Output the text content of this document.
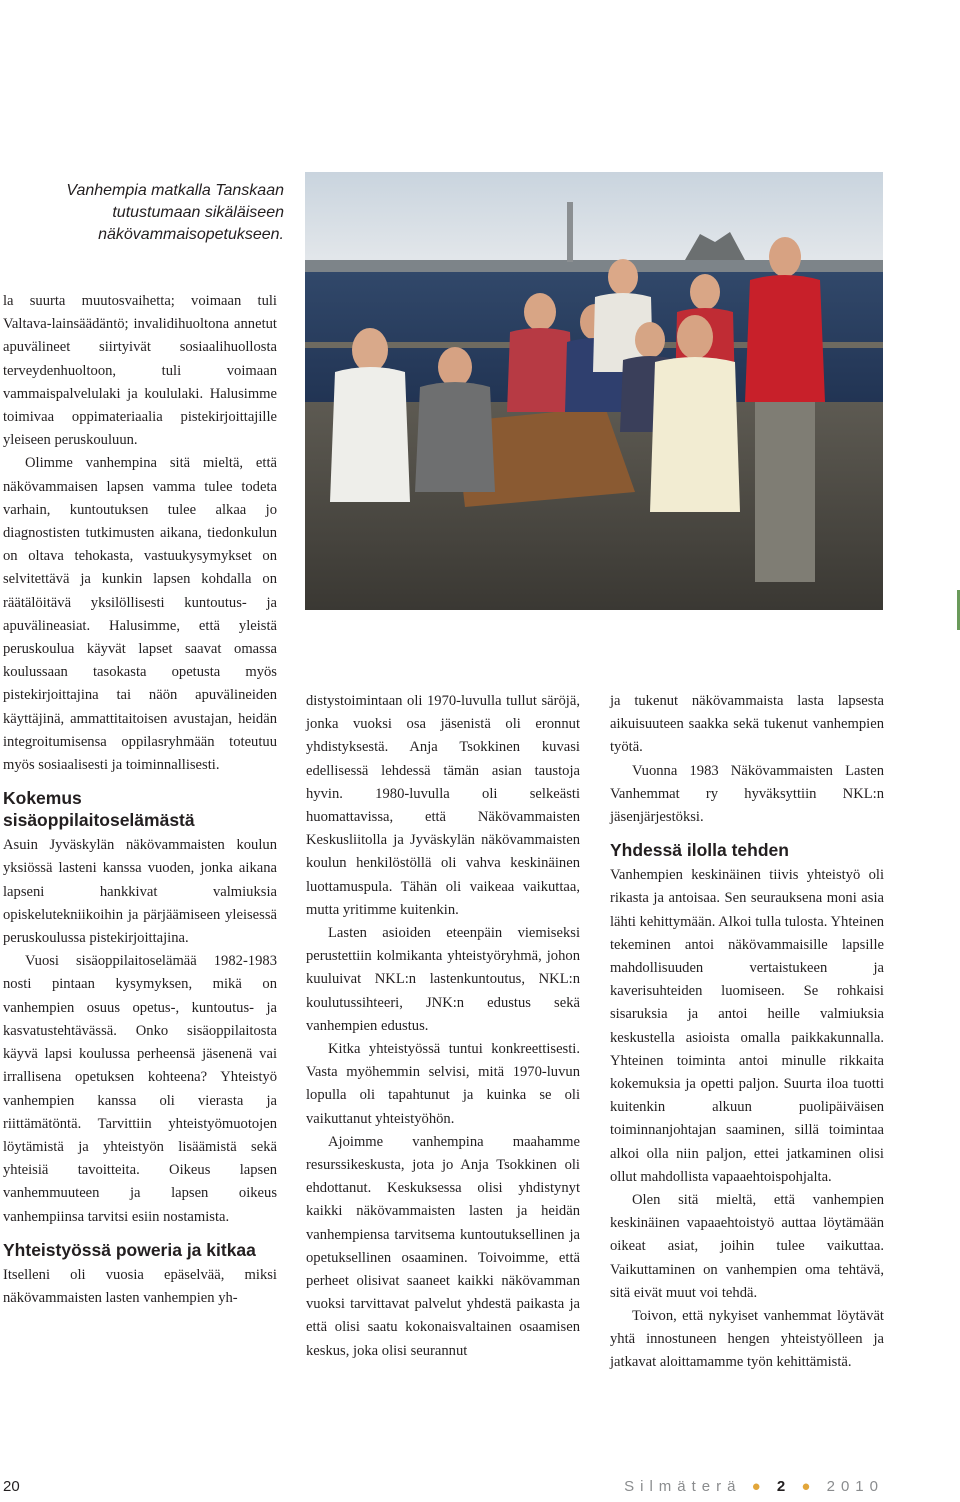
Vanhempia matkalla Tanskaan tutustumaan sikäläiseen näkövammaisopetukseen.

la suurta muutosvaihetta; voimaan tuli Valtava-lainsäädäntö; invalidihuoltona annetut apuvälineet siirtyivät sosiaalihuollosta terveydenhuoltoon, tuli voimaan vammaispalvelulaki ja koululaki. Halusimme toimivaa oppimateriaalia pistekirjoittajille yleiseen peruskouluun.

Olimme vanhempina sitä mieltä, että näkövammaisen lapsen vamma tulee todeta varhain, kuntoutuksen tulee alkaa jo diagnostisten tutkimusten aikana, tiedonkulun on oltava tehokasta, vastuukysymykset on selvitettävä ja kunkin lapsen kohdalla on räätälöitävä yksilöllisesti kuntoutus- ja apuvälineasiat. Halusimme, että yleistä peruskoulua käyvät lapset saavat omassa koulussaan tasokasta opetusta myös pistekirjoittajina tai näön apuvälineiden käyttäjinä, ammattitaitoisen avustajan, heidän integroitumisensa oppilasryhmään toteutuu myös sosiaalisesti ja toiminnallisesti.

Kokemus sisäoppilaitoselämästä

Asuin Jyväskylän näkövammaisten koulun yksiössä lasteni kanssa vuoden, jonka aikana lapseni hankkivat valmiuksia opiskelutekniikoihin ja pärjäämiseen yleisessä peruskoulussa pistekirjoittajina.

Vuosi sisäoppilaitoselämää 1982-1983 nosti pintaan kysymyksen, mikä on vanhempien osuus opetus-, kuntoutus- ja kasvatustehtävässä. Onko sisäoppilaitosta käyvä lapsi koulussa perheensä jäsenenä vai irrallisena opetuksen kohteena? Yhteistyö vanhempien kanssa oli vierasta ja riittämätöntä. Tarvittiin yhteistyömuotojen löytämistä ja yhteistyön lisäämistä sekä yhteisiä tavoitteita. Oikeus lapsen vanhemmuuteen ja lapsen oikeus vanhempiinsa tarvitsi esiin nostamista.

Yhteistyössä poweria ja kitkaa

Itselleni oli vuosia epäselvää, miksi näkövammaisten lasten vanhempien yh-

distystoimintaan oli 1970-luvulla tullut säröjä, jonka vuoksi osa jäsenistä oli eronnut yhdistyksestä. Anja Tsokkinen kuvasi edellisessä lehdessä tämän asian taustoja hyvin. 1980-luvulla oli selkeästi huomattavissa, että Näkövammaisten Keskusliitolla ja Jyväskylän näkövammaisten koulun henkilöstöllä oli vahva keskinäinen luottamuspula. Tähän oli vaikeaa vaikuttaa, mutta yritimme kuitenkin.

Lasten asioiden eteenpäin viemiseksi perustettiin kolmikanta yhteistyöryhmä, johon kuuluivat NKL:n lastenkuntoutus, NKL:n koulutussihteeri, JNK:n edustus sekä vanhempien edustus.

Kitka yhteistyössä tuntui konkreettisesti. Vasta myöhemmin selvisi, mitä 1970-luvun lopulla oli tapahtunut ja kuinka se oli vaikuttanut yhteistyöhön.

Ajoimme vanhempina maahamme resurssikeskusta, jota jo Anja Tsokkinen oli ehdottanut. Keskuksessa olisi yhdistynyt kaikki näkövammaisten lasten ja heidän vanhempiensa tarvitsema kuntoutuksellinen ja opetuksellinen osaaminen. Toivoimme, että perheet olisivat saaneet kaikki näkövamman vuoksi tarvittavat palvelut yhdestä paikasta ja että olisi saatu kokonaisvaltainen osaamisen keskus, joka olisi seurannut

ja tukenut näkövammaista lasta lapsesta aikuisuuteen saakka sekä tukenut vanhempien työtä.

Vuonna 1983 Näkövammaisten Lasten Vanhemmat ry hyväksyttiin NKL:n jäsenjärjestöksi.

Yhdessä ilolla tehden

Vanhempien keskinäinen tiivis yhteistyö oli rikasta ja antoisaa. Sen seurauksena moni asia lähti kehittymään. Alkoi tulla tulosta. Yhteinen tekeminen antoi näkövammaisille lapsille mahdollisuuden vertaistukeen ja kaverisuhteiden luomiseen. Se rohkaisi sisaruksia ja antoi heille valmiuksia keskustella asioista omalla paikkakunnalla. Yhteinen toiminta antoi minulle rikkaita kokemuksia ja opetti paljon. Suurta iloa tuotti kuitenkin alkuun puolipäiväisen toiminnanjohtajan saaminen, sillä toimintaa alkoi olla niin paljon, ettei jatkaminen olisi ollut mahdollista vapaaehtoispohjalta.

Olen sitä mieltä, että vanhempien keskinäinen vapaaehtoistyö auttaa löytämään oikeat asiat, joihin tulee vaikuttaa. Vaikuttaminen on vanhempien oma tehtävä, sitä eivät muut voi tehdä.

Toivon, että nykyiset vanhemmat löytävät yhtä innostuneen hengen yhteistyölleen ja jatkavat aloittamamme työn kehittämistä.

20	Silmäterä ● 2 ● 2010
